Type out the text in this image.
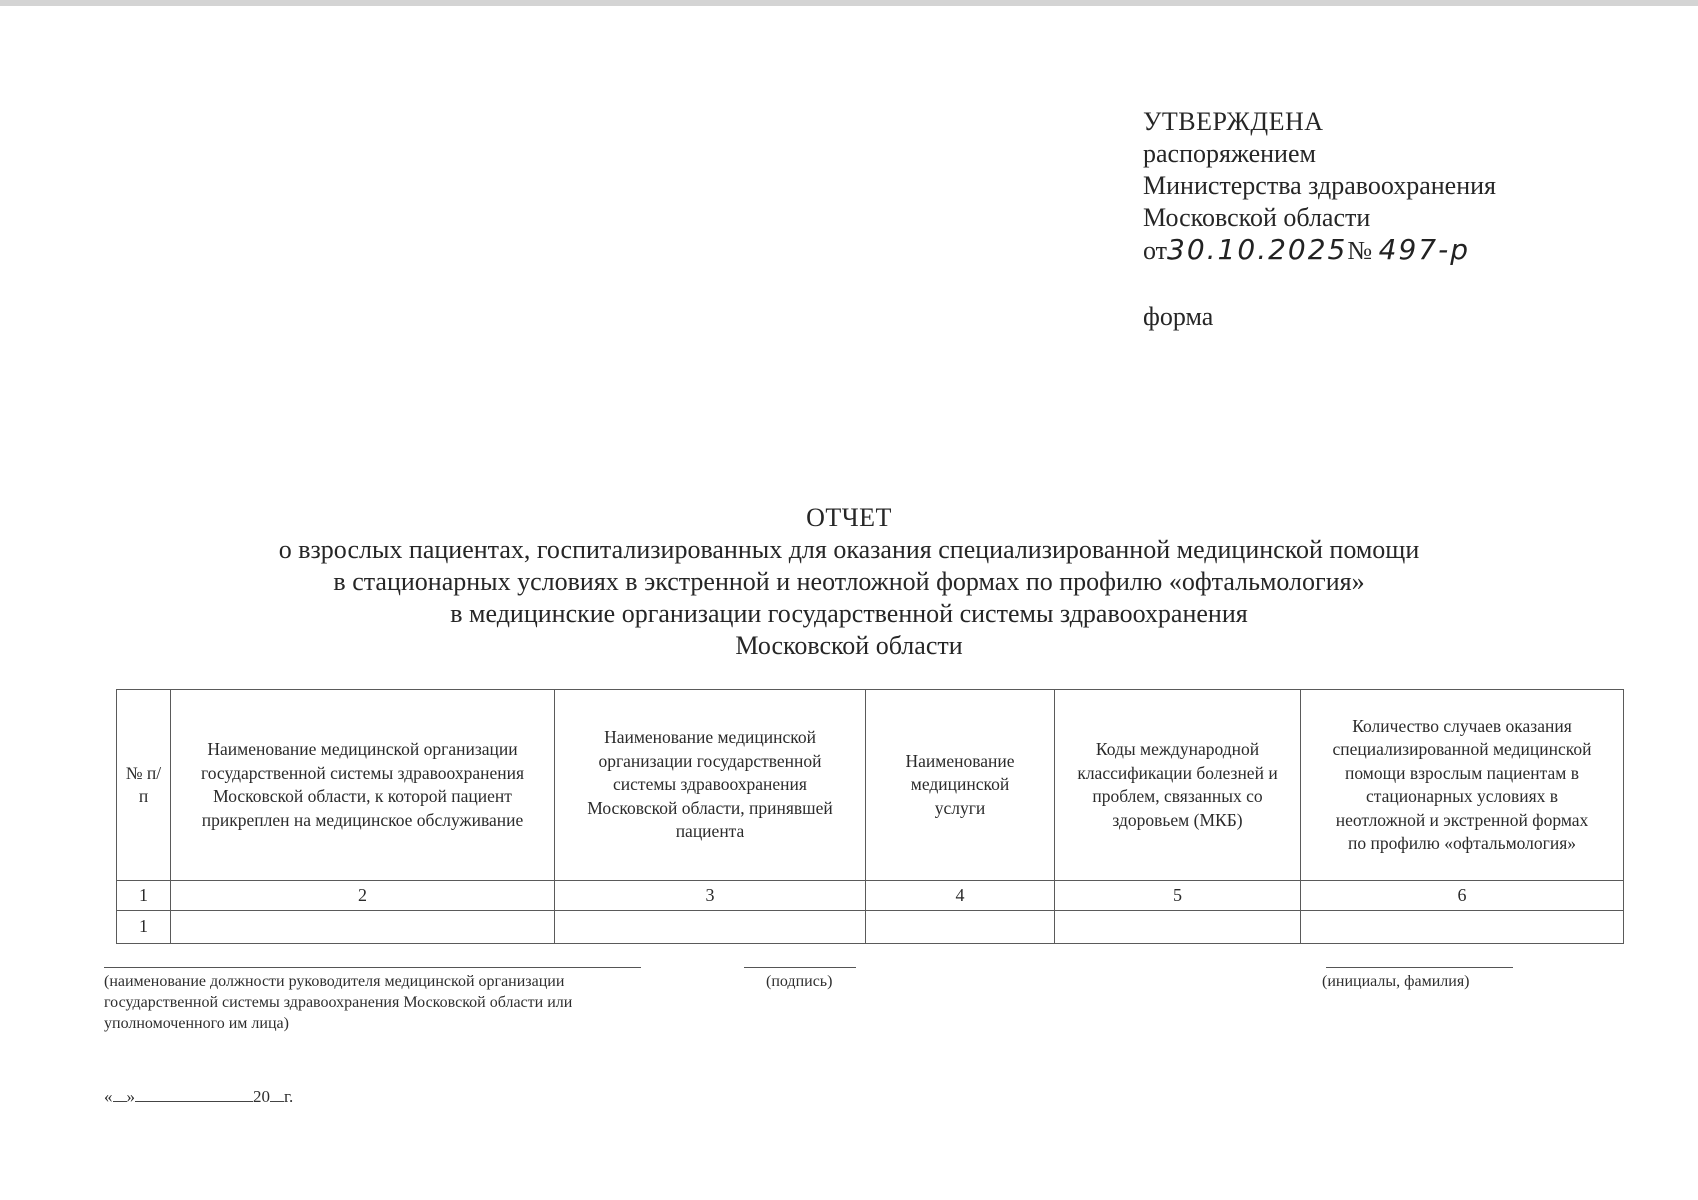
УТВЕРЖДЕНА
распоряжением
Министерства здравоохранения
Московской области
от30.10.2025№ 497-р
форма
ОТЧЕТ
о взрослых пациентах, госпитализированных для оказания специализированной медицинской помощи
в стационарных условиях в экстренной и неотложной формах по профилю «офтальмология»
в медицинские организации государственной системы здравоохранения
Московской области
№ п/п	Наименование медицинской организации государственной системы здравоохранения Московской области, к которой пациент прикреплен на медицинское обслуживание	Наименование медицинской организации государственной системы здравоохранения Московской области, принявшей пациента	Наименование медицинской услуги	Коды международной классификации болезней и проблем, связанных со здоровьем (МКБ)	Количество случаев оказания специализированной медицинской помощи взрослым пациентам в стационарных условиях в неотложной и экстренной формах по профилю «офтальмология»
1	2	3	4	5	6
1					
(наименование должности руководителя медицинской организации государственной системы здравоохранения Московской области или уполномоченного им лица)
(подпись)	(инициалы, фамилия)
« »	20 г.
